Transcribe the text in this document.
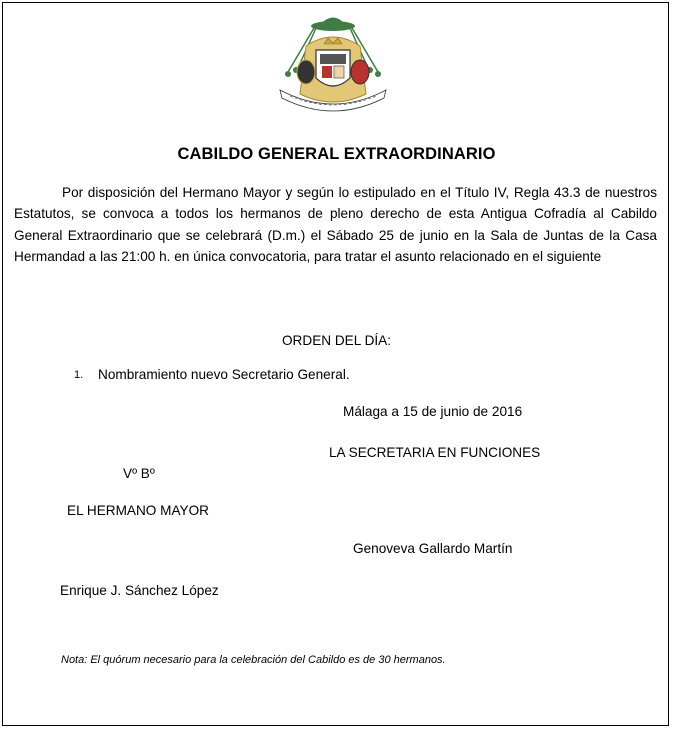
CABILDO GENERAL EXTRAORDINARIO
Por disposición del Hermano Mayor y según lo estipulado en el Título IV, Regla 43.3 de nuestros Estatutos, se convoca a todos los hermanos de pleno derecho de esta Antigua Cofradía al Cabildo General Extraordinario que se celebrará (D.m.) el Sábado 25 de junio en la Sala de Juntas de la Casa Hermandad a las 21:00 h. en única convocatoria, para tratar el asunto relacionado en el siguiente
ORDEN DEL DÍA:
1. Nombramiento nuevo Secretario General.
Málaga a 15 de junio de 2016
LA SECRETARIA EN FUNCIONES
Vº Bº
EL HERMANO MAYOR
Genoveva Gallardo Martín
Enrique J. Sánchez López
Nota: El quórum necesario para la celebración del Cabildo es de 30 hermanos.
